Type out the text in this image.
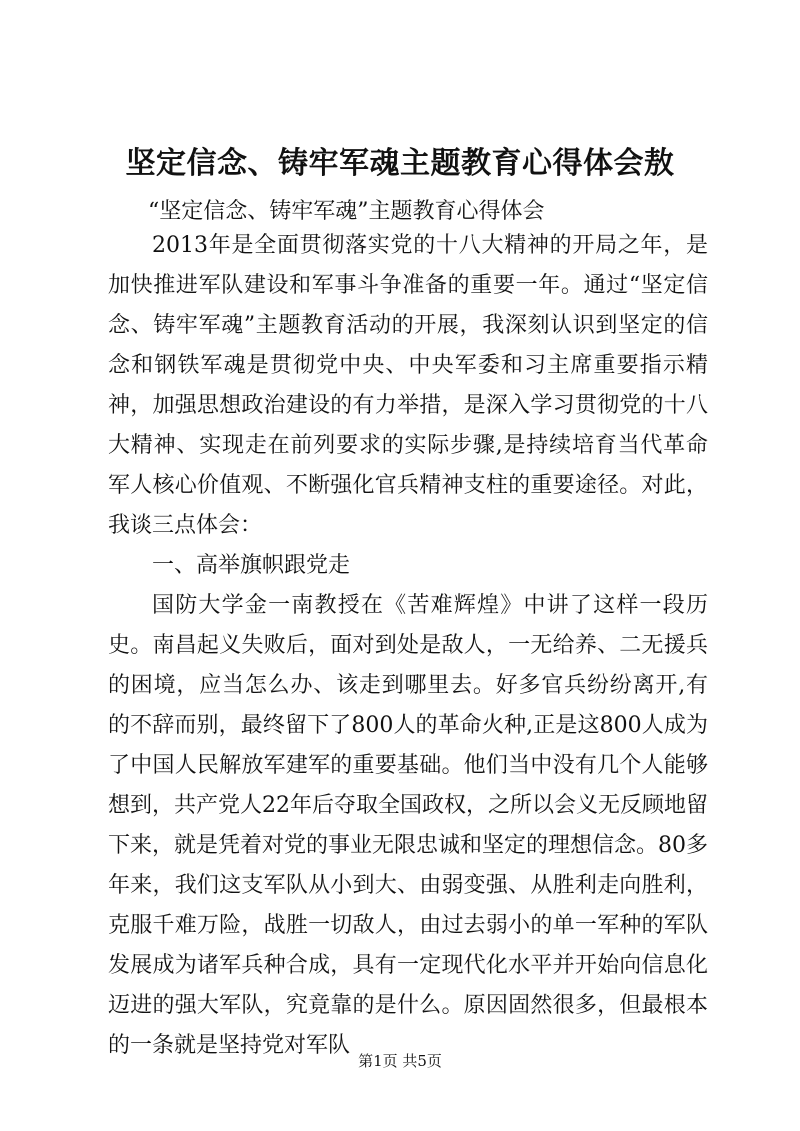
坚定信念、铸牢军魂主题教育心得体会敖
“坚定信念、铸牢军魂”主题教育心得体会

2013年是全面贯彻落实党的十八大精神的开局之年，是加快推进军队建设和军事斗争准备的重要一年。通过“坚定信念、铸牢军魂”主题教育活动的开展，我深刻认识到坚定的信念和钢铁军魂是贯彻党中央、中央军委和习主席重要指示精神，加强思想政治建设的有力举措，是深入学习贯彻党的十八大精神、实现走在前列要求的实际步骤,是持续培育当代革命军人核心价值观、不断强化官兵精神支柱的重要途径。对此，我谈三点体会：

一、高举旗帜跟党走

国防大学金一南教授在《苦难辉煌》中讲了这样一段历史。南昌起义失败后，面对到处是敌人，一无给养、二无援兵的困境，应当怎么办、该走到哪里去。好多官兵纷纷离开,有的不辞而别，最终留下了800人的革命火种,正是这800人成为了中国人民解放军建军的重要基础。他们当中没有几个人能够想到，共产党人22年后夺取全国政权，之所以会义无反顾地留下来，就是凭着对党的事业无限忠诚和坚定的理想信念。80多年来，我们这支军队从小到大、由弱变强、从胜利走向胜利，克服千难万险，战胜一切敌人，由过去弱小的单一军种的军队发展成为诸军兵种合成，具有一定现代化水平并开始向信息化迈进的强大军队，究竟靠的是什么。原因固然很多，但最根本的一条就是坚持党对军队

第1页 共5页
